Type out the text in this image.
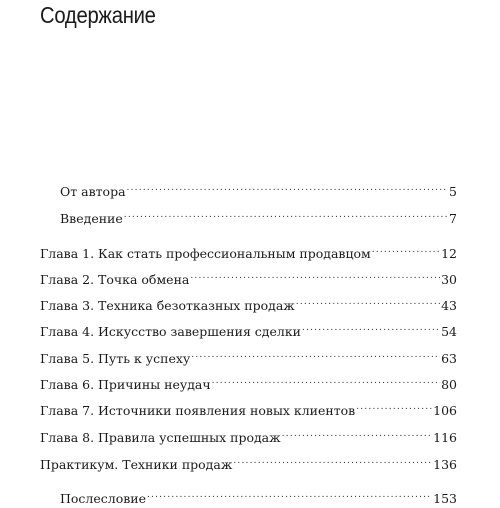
Содержание
От автора .....	5
Введение .....	7
Глава 1. Как стать профессиональным продавцом .....	12
Глава 2. Точка обмена .....	30
Глава 3. Техника безотказных продаж .....	43
Глава 4. Искусство завершения сделки .....	54
Глава 5. Путь к успеху .....	63
Глава 6. Причины неудач .....	80
Глава 7. Источники появления новых клиентов .....	106
Глава 8. Правила успешных продаж .....	116
Практикум. Техники продаж .....	136
Послесловие .....	153
